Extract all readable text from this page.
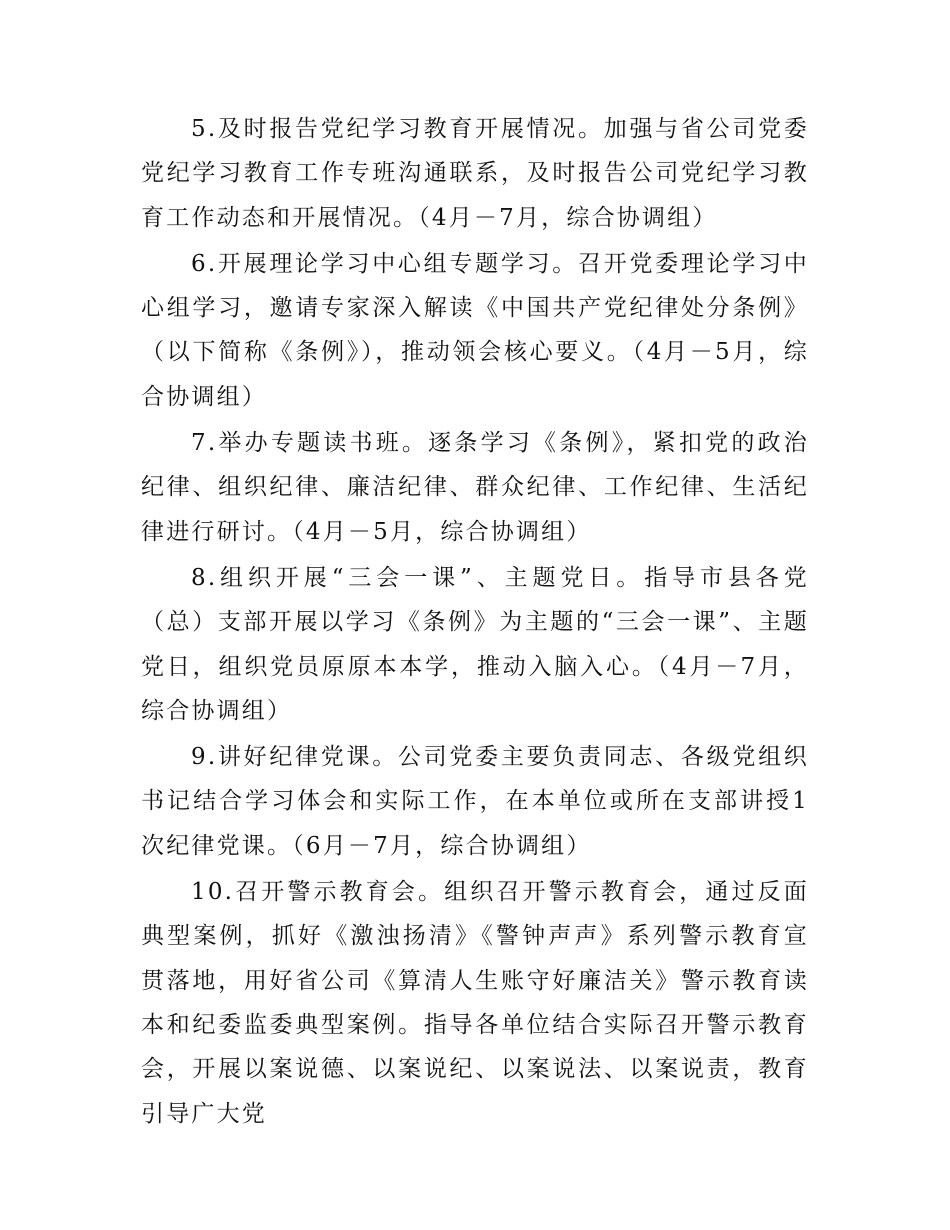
5.及时报告党纪学习教育开展情况。加强与省公司党委党纪学习教育工作专班沟通联系，及时报告公司党纪学习教育工作动态和开展情况。（4月－7月，综合协调组）

6.开展理论学习中心组专题学习。召开党委理论学习中心组学习，邀请专家深入解读《中国共产党纪律处分条例》（以下简称《条例》），推动领会核心要义。（4月－5月，综合协调组）

7.举办专题读书班。逐条学习《条例》，紧扣党的政治纪律、组织纪律、廉洁纪律、群众纪律、工作纪律、生活纪律进行研讨。（4月－5月，综合协调组）

8.组织开展“三会一课”、主题党日。指导市县各党（总）支部开展以学习《条例》为主题的“三会一课”、主题党日，组织党员原原本本学，推动入脑入心。（4月－7月，综合协调组）

9.讲好纪律党课。公司党委主要负责同志、各级党组织书记结合学习体会和实际工作，在本单位或所在支部讲授1次纪律党课。（6月－7月，综合协调组）

10.召开警示教育会。组织召开警示教育会，通过反面典型案例，抓好《激浊扬清》《警钟声声》系列警示教育宣贯落地，用好省公司《算清人生账守好廉洁关》警示教育读本和纪委监委典型案例。指导各单位结合实际召开警示教育会，开展以案说德、以案说纪、以案说法、以案说责，教育引导广大党
